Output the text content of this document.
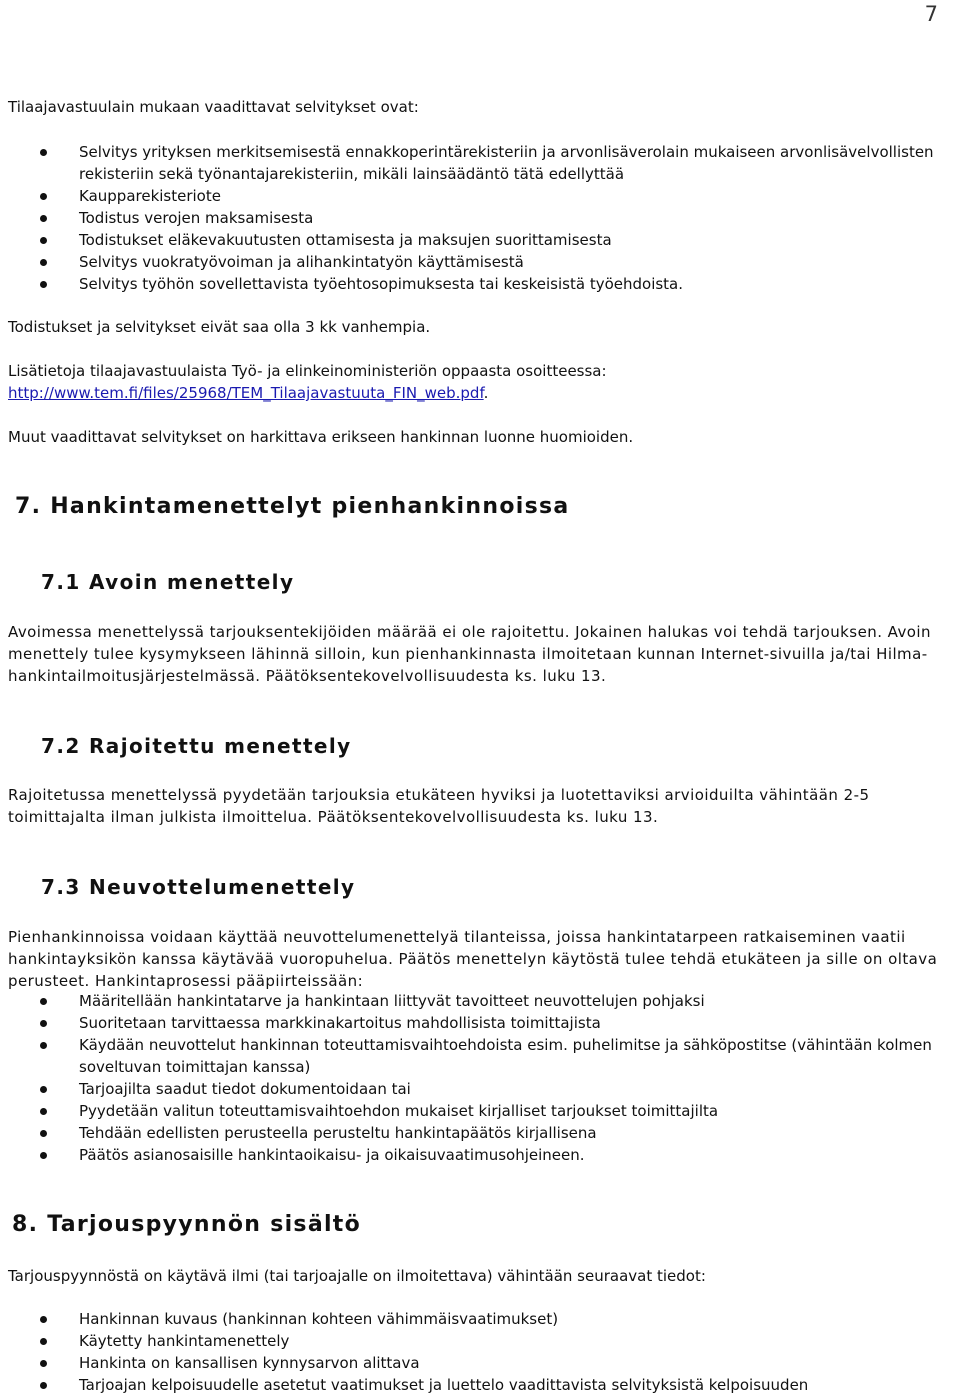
7

Tilaajavastuulain mukaan vaadittavat selvitykset ovat:

Selvitys yrityksen merkitsemisestä ennakkoperintärekisteriin ja arvonlisäverolain mukaiseen arvonlisävelvollisten rekisteriin sekä työnantajarekisteriin, mikäli lainsäädäntö tätä edellyttää
Kaupparekisteriote
Todistus verojen maksamisesta
Todistukset eläkevakuutusten ottamisesta ja maksujen suorittamisesta
Selvitys vuokratyövoiman ja alihankintatyön käyttämisestä
Selvitys työhön sovellettavista työehtosopimuksesta tai keskeisistä työehdoista.

Todistukset ja selvitykset eivät saa olla 3 kk vanhempia.

Lisätietoja tilaajavastuulaista Työ- ja elinkeinoministeriön oppaasta osoitteessa:

http://www.tem.fi/files/25968/TEM_Tilaajavastuuta_FIN_web.pdf.

Muut vaadittavat selvitykset on harkittava erikseen hankinnan luonne huomioiden.

7. Hankintamenettelyt pienhankinnoissa
7.1 Avoin menettely

Avoimessa menettelyssä tarjouksentekijöiden määrää ei ole rajoitettu. Jokainen halukas voi tehdä tarjouksen. Avoin menettely tulee kysymykseen lähinnä silloin, kun pienhankinnasta ilmoitetaan kunnan Internet-sivuilla ja/tai Hilma-hankintailmoitusjärjestelmässä. Päätöksentekovelvollisuudesta ks. luku 13.

7.2 Rajoitettu menettely

Rajoitetussa menettelyssä pyydetään tarjouksia etukäteen hyviksi ja luotettaviksi arvioiduilta vähintään 2-5 toimittajalta ilman julkista ilmoittelua. Päätöksentekovelvollisuudesta ks. luku 13.

7.3 Neuvottelumenettely

Pienhankinnoissa voidaan käyttää neuvottelumenettelyä tilanteissa, joissa hankintatarpeen ratkaiseminen vaatii hankintayksikön kanssa käytävää vuoropuhelua. Päätös menettelyn käytöstä tulee tehdä etukäteen ja sille on oltava perusteet. Hankintaprosessi pääpiirteissään:

Määritellään hankintatarve ja hankintaan liittyvät tavoitteet neuvottelujen pohjaksi
Suoritetaan tarvittaessa markkinakartoitus mahdollisista toimittajista
Käydään neuvottelut hankinnan toteuttamisvaihtoehdoista esim. puhelimitse ja sähköpostitse (vähintään kolmen soveltuvan toimittajan kanssa)
Tarjoajilta saadut tiedot dokumentoidaan tai
Pyydetään valitun toteuttamisvaihtoehdon mukaiset kirjalliset tarjoukset toimittajilta
Tehdään edellisten perusteella perusteltu hankintapäätös kirjallisena
Päätös asianosaisille hankintaoikaisu- ja oikaisuvaatimusohjeineen.
8. Tarjouspyynnön sisältö

Tarjouspyynnöstä on käytävä ilmi (tai tarjoajalle on ilmoitettava) vähintään seuraavat tiedot:

Hankinnan kuvaus (hankinnan kohteen vähimmäisvaatimukset)
Käytetty hankintamenettely
Hankinta on kansallisen kynnysarvon alittava
Tarjoajan kelpoisuudelle asetetut vaatimukset ja luettelo vaadittavista selvityksistä kelpoisuuden
